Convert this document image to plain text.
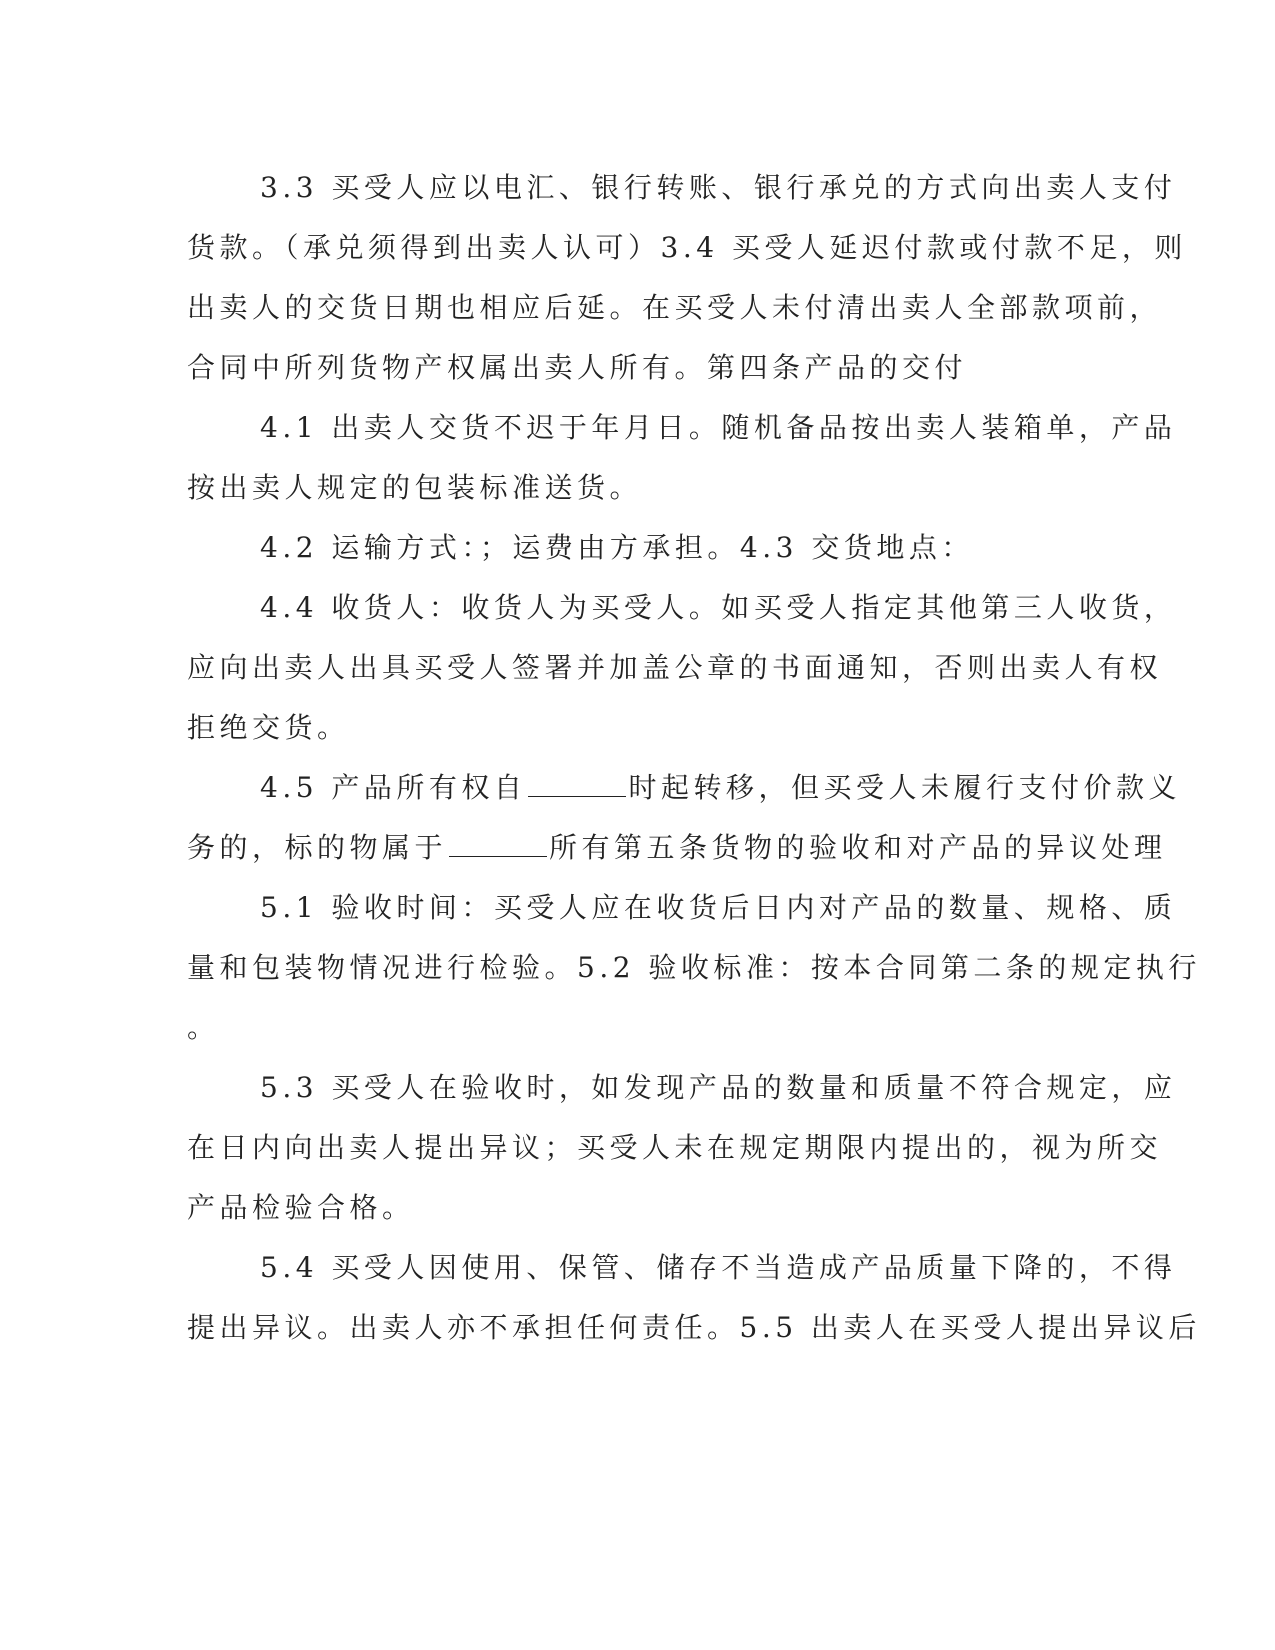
3.3 买受人应以电汇、银行转账、银行承兑的方式向出卖人支付
货款。（承兑须得到出卖人认可）3.4 买受人延迟付款或付款不足，则
出卖人的交货日期也相应后延。在买受人未付清出卖人全部款项前，
合同中所列货物产权属出卖人所有。第四条产品的交付
4.1 出卖人交货不迟于年月日。随机备品按出卖人装箱单，产品
按出卖人规定的包装标准送货。
4.2 运输方式：；运费由方承担。4.3 交货地点：
4.4 收货人：收货人为买受人。如买受人指定其他第三人收货，
应向出卖人出具买受人签署并加盖公章的书面通知，否则出卖人有权
拒绝交货。
4.5 产品所有权自	时起转移，但买受人未履行支付价款义
务的，标的物属于	所有第五条货物的验收和对产品的异议处理
5.1 验收时间：买受人应在收货后日内对产品的数量、规格、质
量和包装物情况进行检验。5.2 验收标准：按本合同第二条的规定执行
。
5.3 买受人在验收时，如发现产品的数量和质量不符合规定，应
在日内向出卖人提出异议；买受人未在规定期限内提出的，视为所交
产品检验合格。
5.4 买受人因使用、保管、储存不当造成产品质量下降的，不得
提出异议。出卖人亦不承担任何责任。5.5 出卖人在买受人提出异议后
